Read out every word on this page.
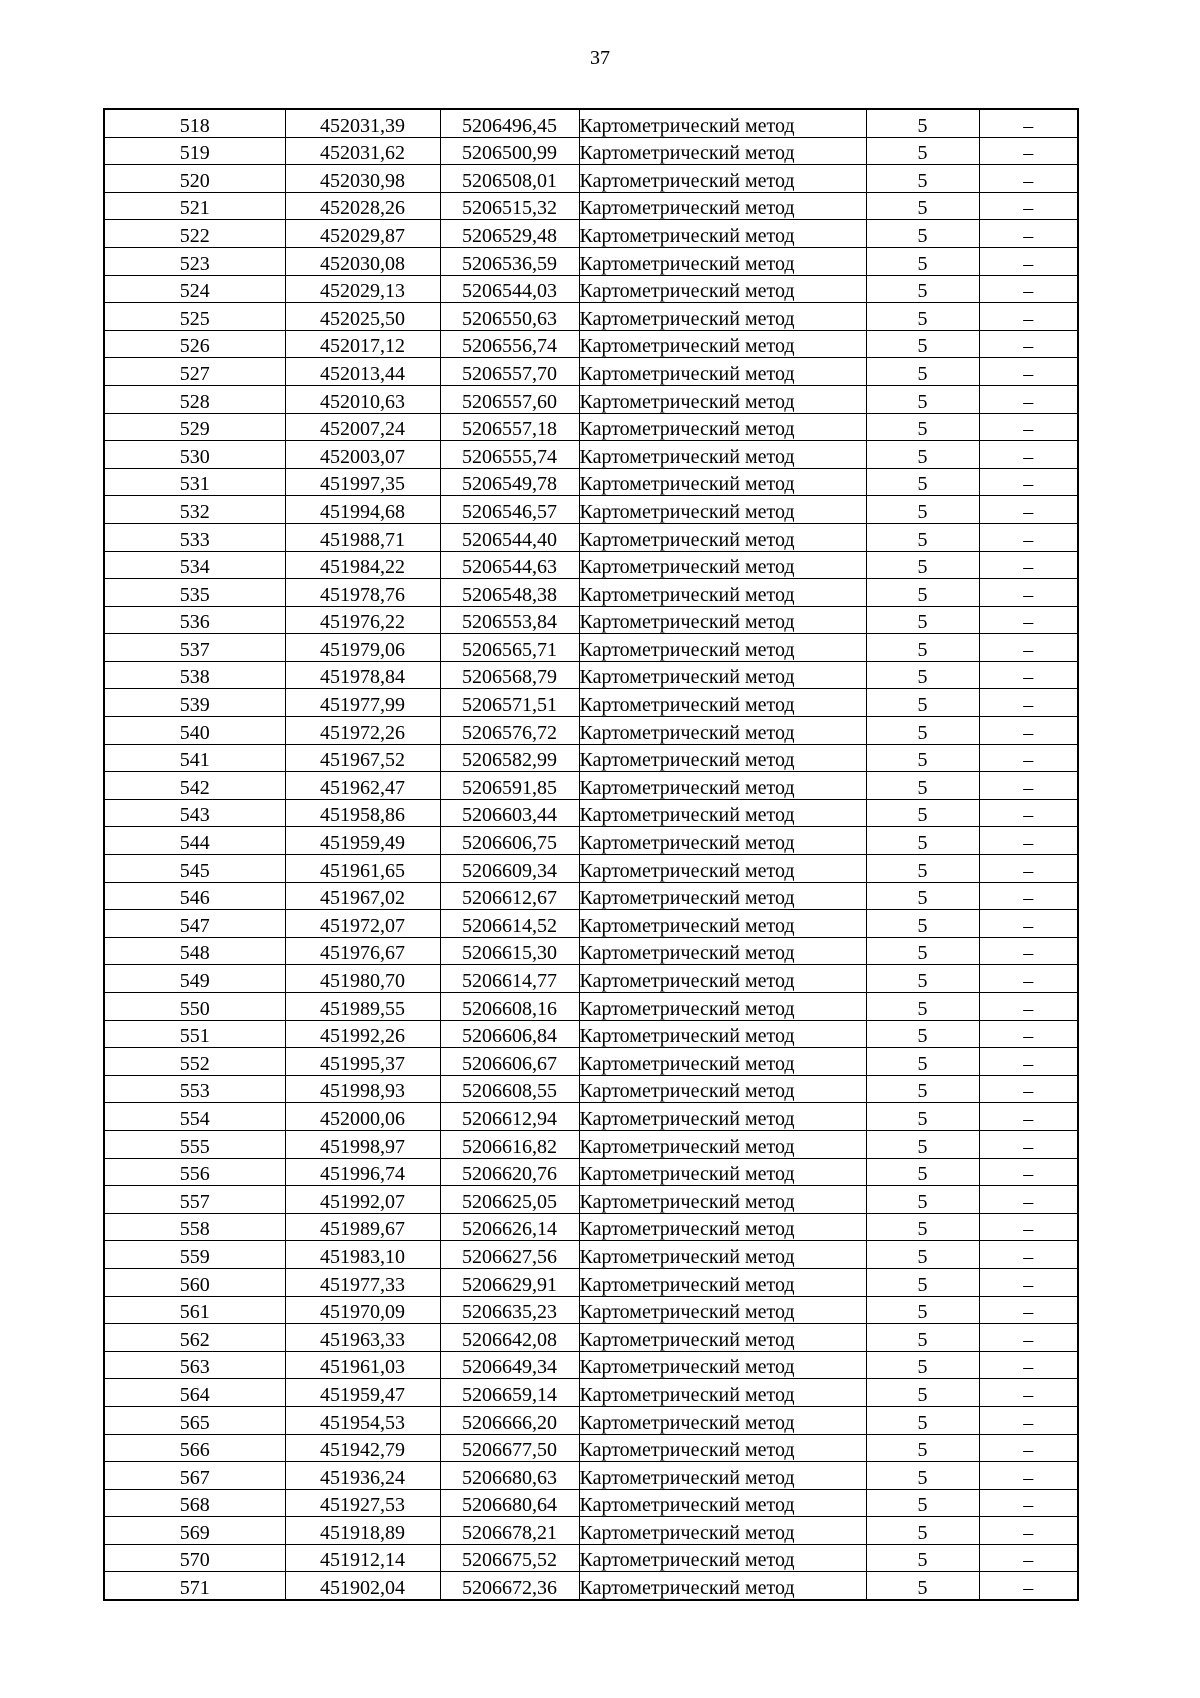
37
518	452031,39	5206496,45	Картометрический метод	5	–
519	452031,62	5206500,99	Картометрический метод	5	–
520	452030,98	5206508,01	Картометрический метод	5	–
521	452028,26	5206515,32	Картометрический метод	5	–
522	452029,87	5206529,48	Картометрический метод	5	–
523	452030,08	5206536,59	Картометрический метод	5	–
524	452029,13	5206544,03	Картометрический метод	5	–
525	452025,50	5206550,63	Картометрический метод	5	–
526	452017,12	5206556,74	Картометрический метод	5	–
527	452013,44	5206557,70	Картометрический метод	5	–
528	452010,63	5206557,60	Картометрический метод	5	–
529	452007,24	5206557,18	Картометрический метод	5	–
530	452003,07	5206555,74	Картометрический метод	5	–
531	451997,35	5206549,78	Картометрический метод	5	–
532	451994,68	5206546,57	Картометрический метод	5	–
533	451988,71	5206544,40	Картометрический метод	5	–
534	451984,22	5206544,63	Картометрический метод	5	–
535	451978,76	5206548,38	Картометрический метод	5	–
536	451976,22	5206553,84	Картометрический метод	5	–
537	451979,06	5206565,71	Картометрический метод	5	–
538	451978,84	5206568,79	Картометрический метод	5	–
539	451977,99	5206571,51	Картометрический метод	5	–
540	451972,26	5206576,72	Картометрический метод	5	–
541	451967,52	5206582,99	Картометрический метод	5	–
542	451962,47	5206591,85	Картометрический метод	5	–
543	451958,86	5206603,44	Картометрический метод	5	–
544	451959,49	5206606,75	Картометрический метод	5	–
545	451961,65	5206609,34	Картометрический метод	5	–
546	451967,02	5206612,67	Картометрический метод	5	–
547	451972,07	5206614,52	Картометрический метод	5	–
548	451976,67	5206615,30	Картометрический метод	5	–
549	451980,70	5206614,77	Картометрический метод	5	–
550	451989,55	5206608,16	Картометрический метод	5	–
551	451992,26	5206606,84	Картометрический метод	5	–
552	451995,37	5206606,67	Картометрический метод	5	–
553	451998,93	5206608,55	Картометрический метод	5	–
554	452000,06	5206612,94	Картометрический метод	5	–
555	451998,97	5206616,82	Картометрический метод	5	–
556	451996,74	5206620,76	Картометрический метод	5	–
557	451992,07	5206625,05	Картометрический метод	5	–
558	451989,67	5206626,14	Картометрический метод	5	–
559	451983,10	5206627,56	Картометрический метод	5	–
560	451977,33	5206629,91	Картометрический метод	5	–
561	451970,09	5206635,23	Картометрический метод	5	–
562	451963,33	5206642,08	Картометрический метод	5	–
563	451961,03	5206649,34	Картометрический метод	5	–
564	451959,47	5206659,14	Картометрический метод	5	–
565	451954,53	5206666,20	Картометрический метод	5	–
566	451942,79	5206677,50	Картометрический метод	5	–
567	451936,24	5206680,63	Картометрический метод	5	–
568	451927,53	5206680,64	Картометрический метод	5	–
569	451918,89	5206678,21	Картометрический метод	5	–
570	451912,14	5206675,52	Картометрический метод	5	–
571	451902,04	5206672,36	Картометрический метод	5	–
